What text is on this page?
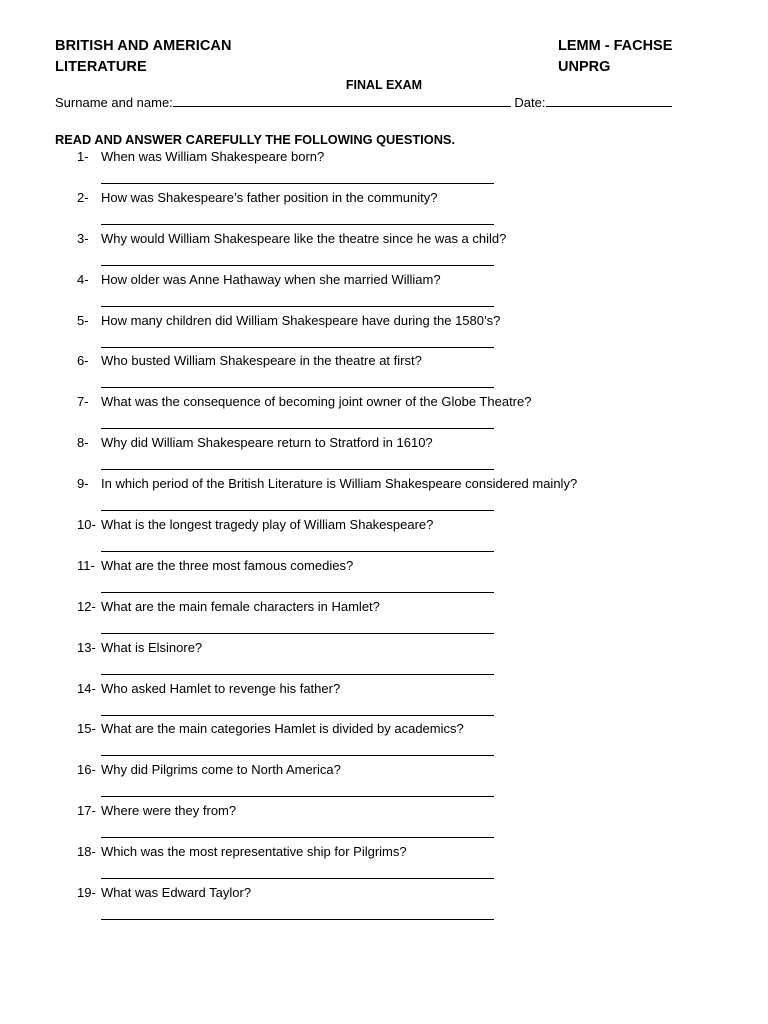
BRITISH AND AMERICAN
LITERATURE
LEMM - FACHSE
UNPRG
FINAL EXAM
Surname and name:	Date:
READ AND ANSWER CAREFULLY THE FOLLOWING QUESTIONS.
1- When was William Shakespeare born?
2- How was Shakespeare’s father position in the community?
3- Why would William Shakespeare like the theatre since he was a child?
4- How older was Anne Hathaway when she married William?
5- How many children did William Shakespeare have during the 1580’s?
6- Who busted William Shakespeare in the theatre at first?
7- What was the consequence of becoming joint owner of the Globe Theatre?
8- Why did William Shakespeare return to Stratford in 1610?
9- In which period of the British Literature is William Shakespeare considered mainly?
10- What is the longest tragedy play of William Shakespeare?
11- What are the three most famous comedies?
12- What are the main female characters in Hamlet?
13- What is Elsinore?
14- Who asked Hamlet to revenge his father?
15- What are the main categories Hamlet is divided by academics?
16- Why did Pilgrims come to North America?
17- Where were they from?
18- Which was the most representative ship for Pilgrims?
19- What was Edward Taylor?
